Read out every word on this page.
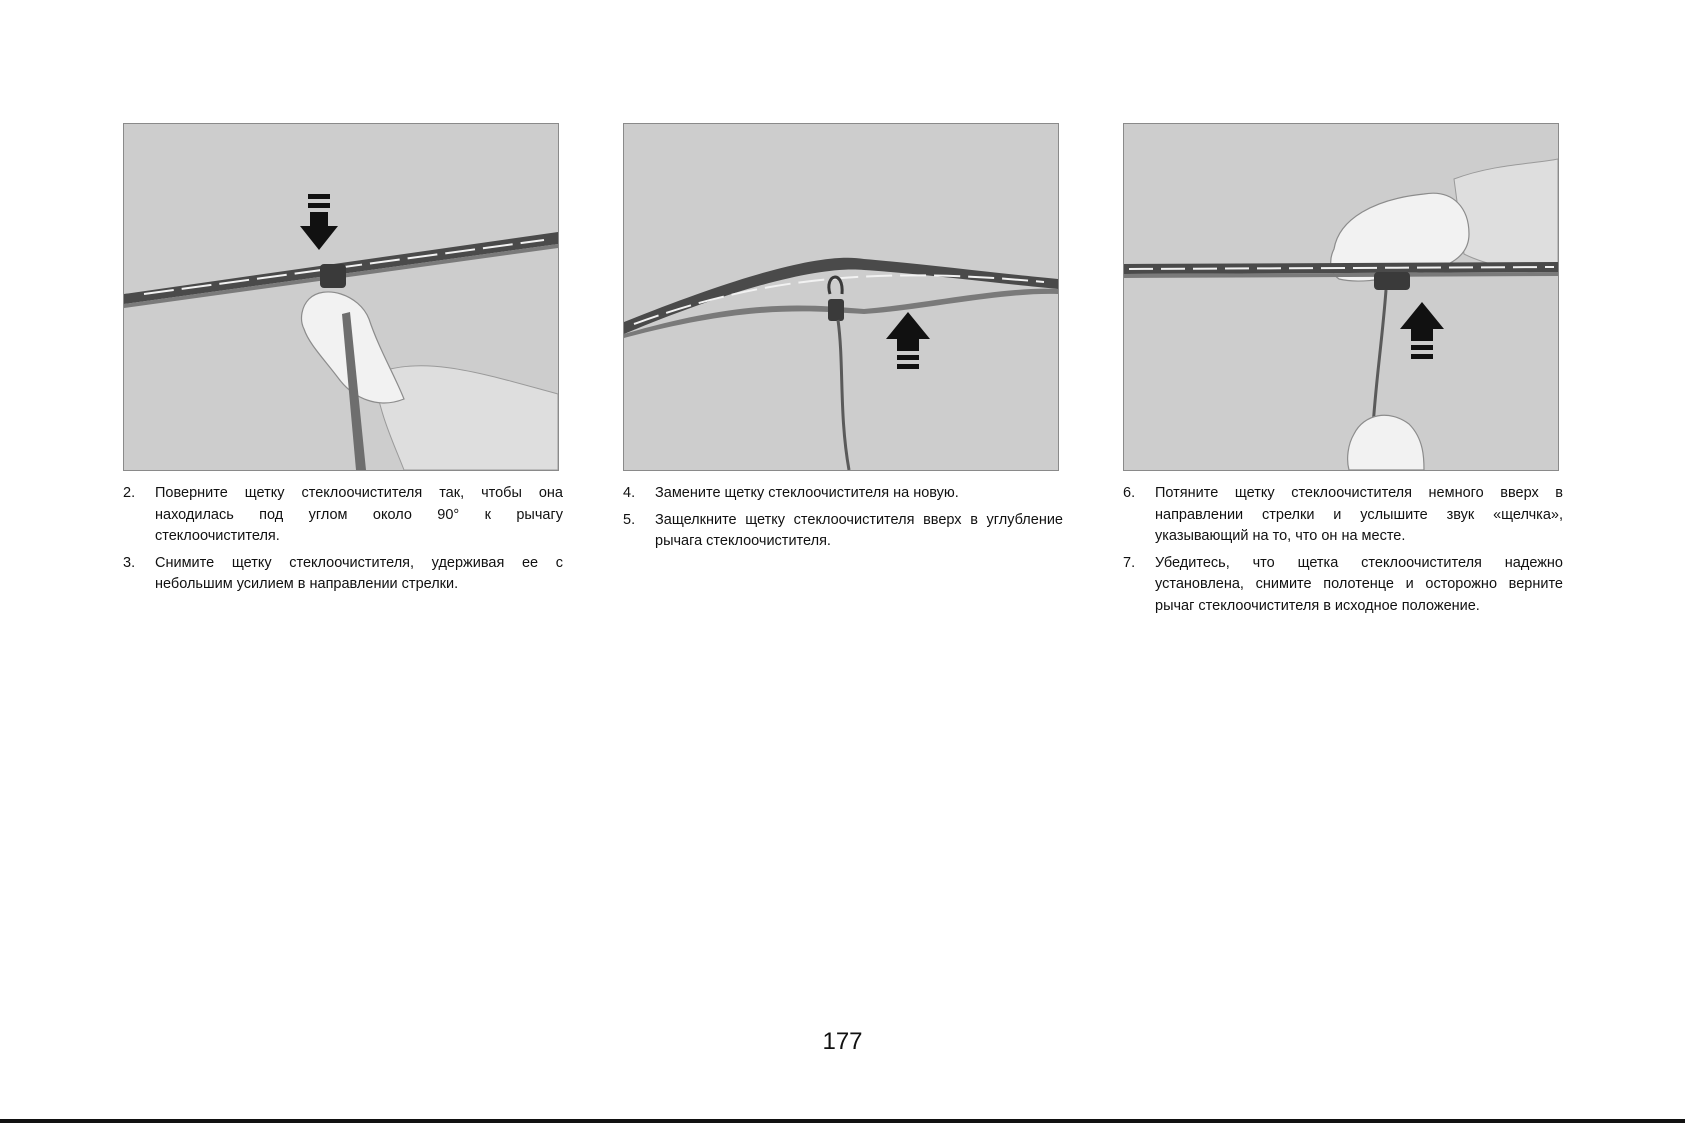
2.	Поверните щетку стеклоочистителя так, чтобы она находилась под углом около 90° к рычагу стеклоочистителя.
3.	Снимите щетку стеклоочистителя, удерживая ее с небольшим усилием в направлении стрелки.
4.	Замените щетку стеклоочистителя на новую.
5.	Защелкните щетку стеклоочистителя вверх в углубление рычага стеклоочистителя.
6.	Потяните щетку стеклоочистителя немного вверх в направлении стрелки и услышите звук «щелчка», указывающий на то, что он на месте.
7.	Убедитесь, что щетка стеклоочистителя надежно установлена, снимите полотенце и осторожно верните рычаг стеклоочистителя в исходное положение.
177
